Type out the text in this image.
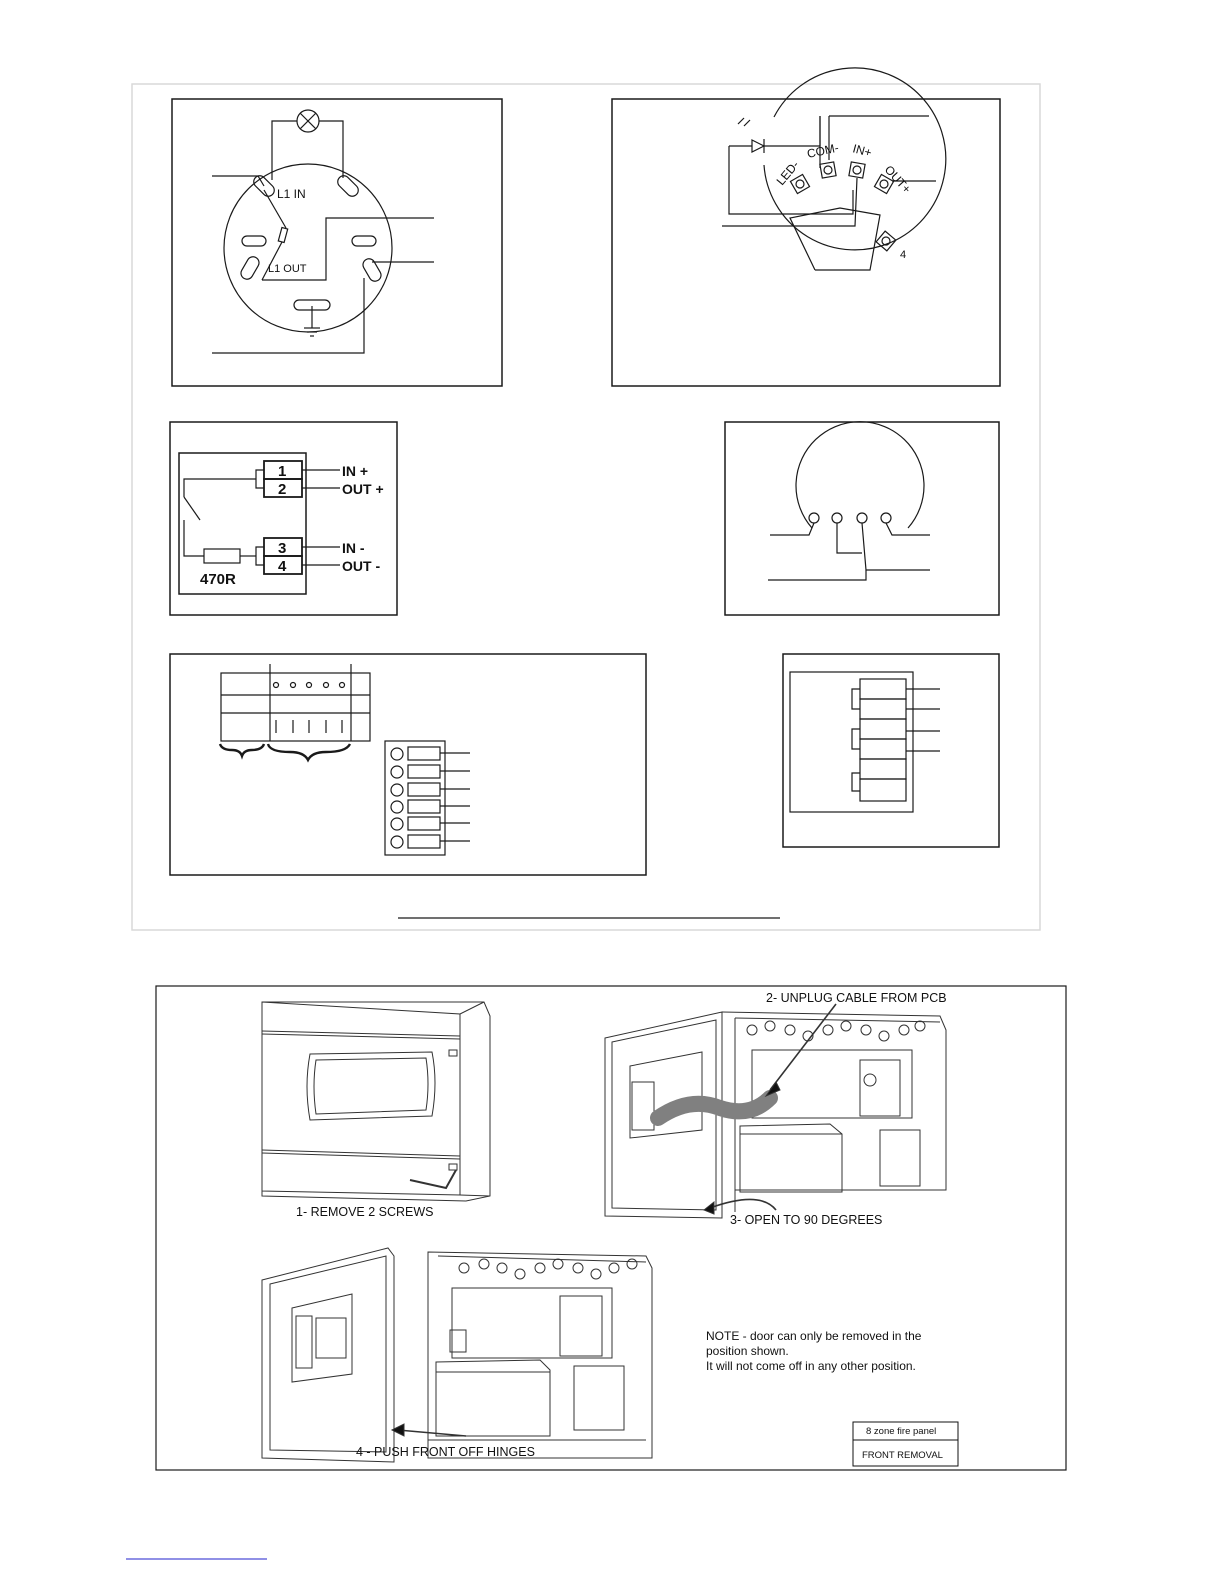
L1 IN
L1 OUT
LED-
COM- IN+
OUT+
4
1
2
3
4
IN +
OUT +
IN -
OUT -
470R
1- REMOVE 2 SCREWS
2- UNPLUG CABLE FROM PCB
3- OPEN TO 90 DEGREES
4 - PUSH FRONT OFF HINGES
NOTE - door can only be removed in the
position shown.
It will not come off in any other position.
8 zone fire panel
FRONT REMOVAL
